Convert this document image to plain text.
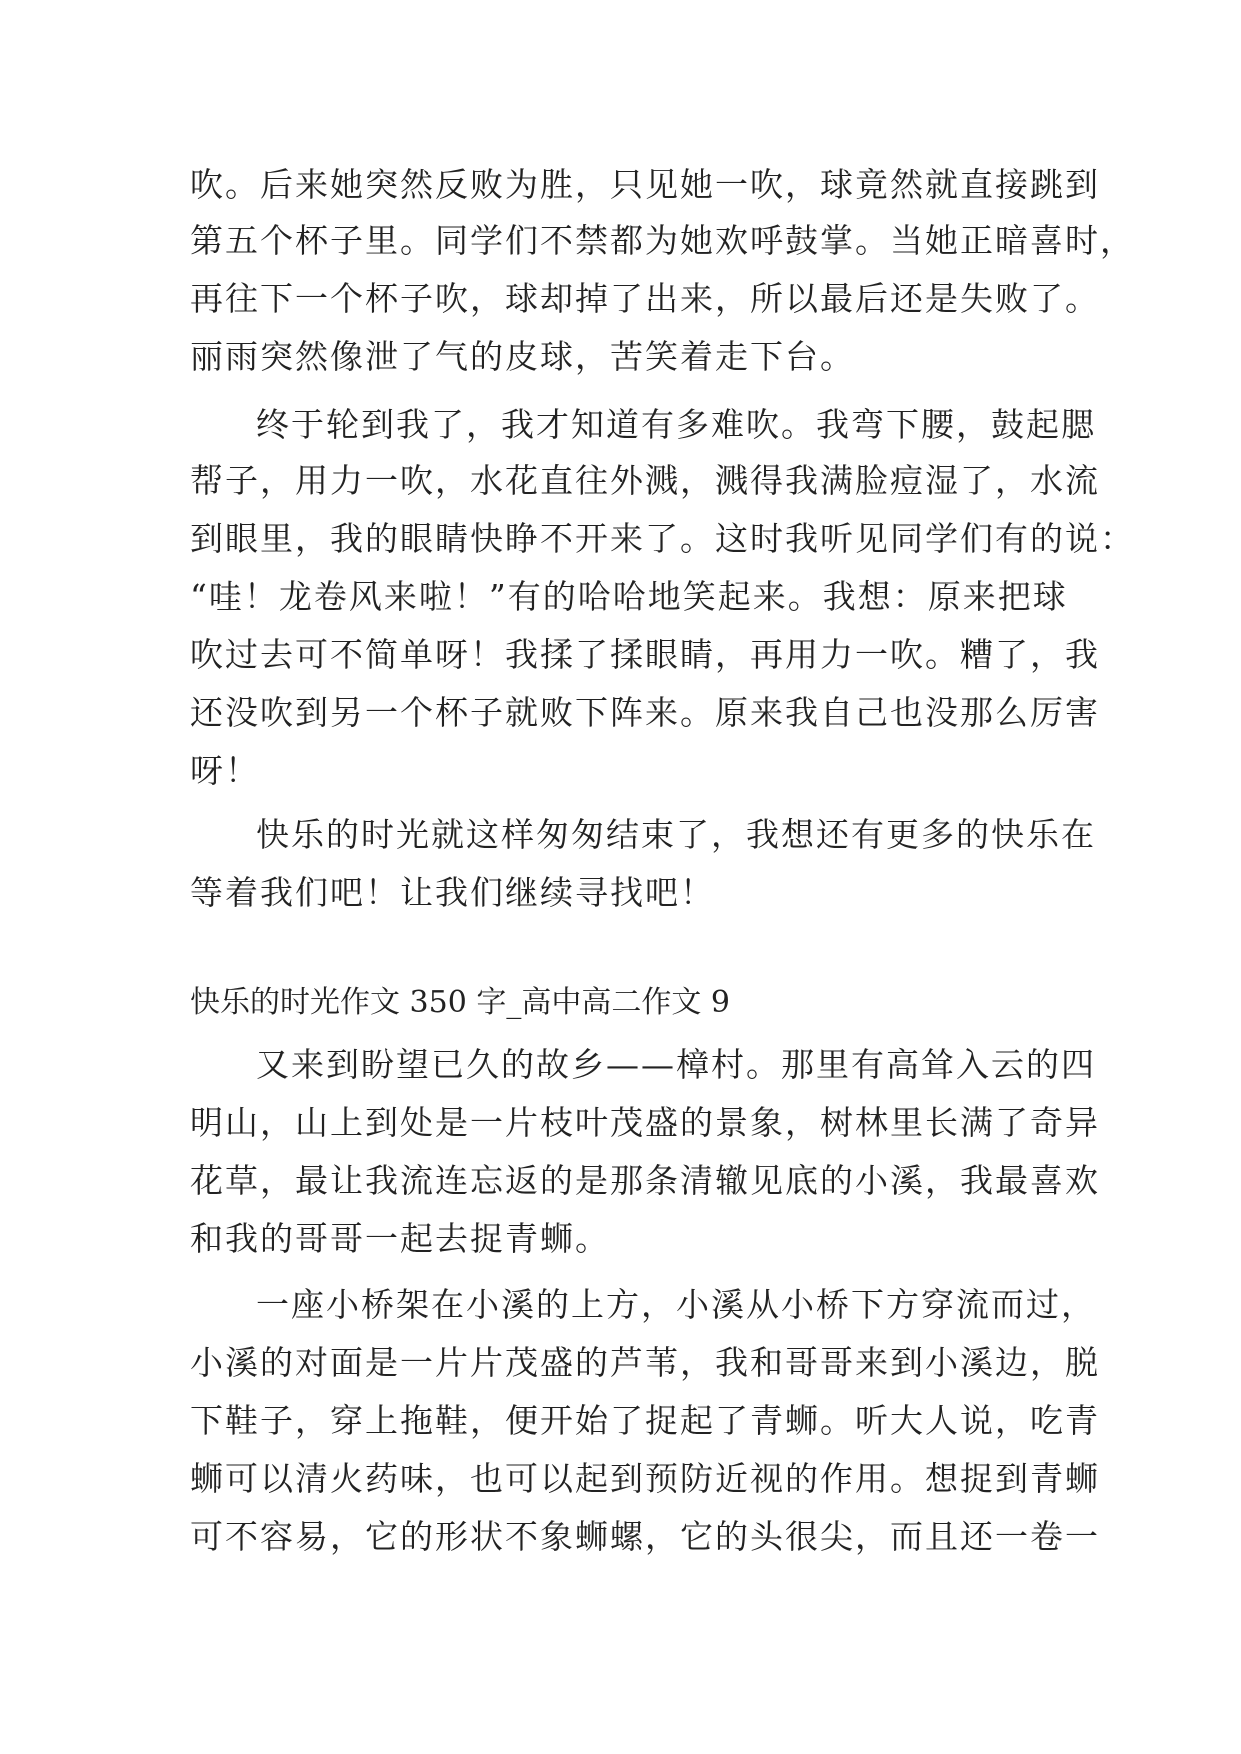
吹。后来她突然反败为胜，只见她一吹，球竟然就直接跳到
第五个杯子里。同学们不禁都为她欢呼鼓掌。当她正暗喜时，
再往下一个杯子吹，球却掉了出来，所以最后还是失败了。
丽雨突然像泄了气的皮球，苦笑着走下台。
终于轮到我了，我才知道有多难吹。我弯下腰，鼓起腮
帮子，用力一吹，水花直往外溅，溅得我满脸痘湿了，水流
到眼里，我的眼睛快睁不开来了。这时我听见同学们有的说：
“哇！龙卷风来啦！”有的哈哈地笑起来。我想：原来把球
吹过去可不简单呀！我揉了揉眼睛，再用力一吹。糟了，我
还没吹到另一个杯子就败下阵来。原来我自己也没那么厉害
呀！
快乐的时光就这样匆匆结束了，我想还有更多的快乐在
等着我们吧！让我们继续寻找吧！
快乐的时光作文 350 字_高中高二作文 9
又来到盼望已久的故乡——樟村。那里有高耸入云的四
明山，山上到处是一片枝叶茂盛的景象，树林里长满了奇异
花草，最让我流连忘返的是那条清辙见底的小溪，我最喜欢
和我的哥哥一起去捉青蛳。
一座小桥架在小溪的上方，小溪从小桥下方穿流而过，
小溪的对面是一片片茂盛的芦苇，我和哥哥来到小溪边，脱
下鞋子，穿上拖鞋，便开始了捉起了青蛳。听大人说，吃青
蛳可以清火药味，也可以起到预防近视的作用。想捉到青蛳
可不容易，它的形状不象蛳螺，它的头很尖，而且还一卷一
